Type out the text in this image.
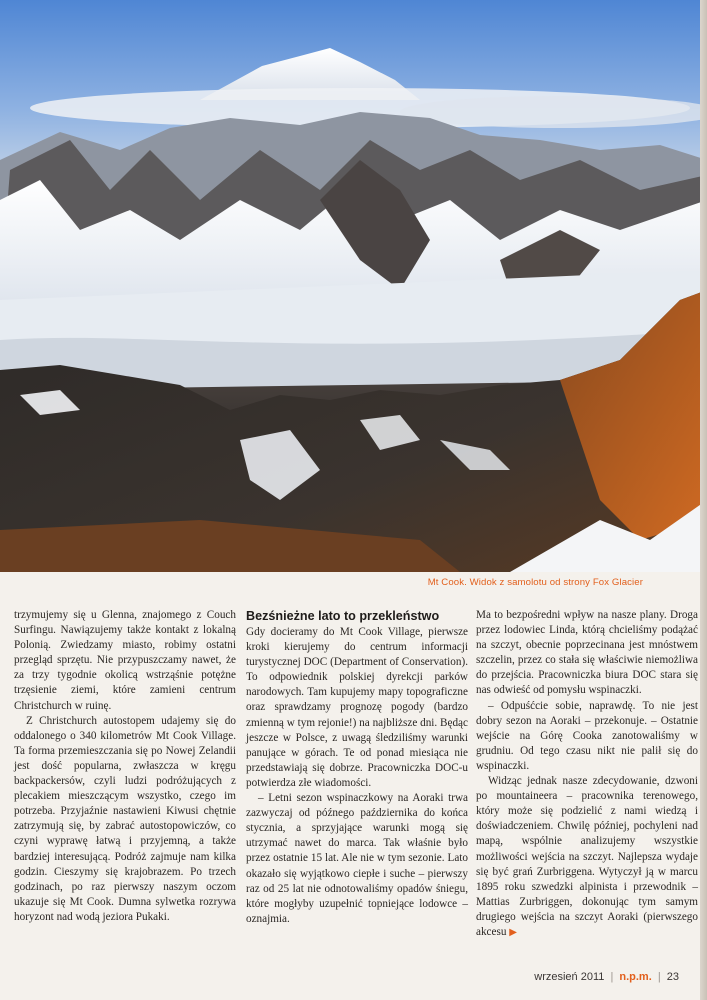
Mt Cook. Widok z samolotu od strony Fox Glacier

trzymujemy się u Glenna, znajomego z Couch Surfingu. Nawiązujemy także kontakt z lokalną Polonią. Zwiedzamy miasto, robimy ostatni przegląd sprzętu. Nie przypuszczamy nawet, że za trzy tygodnie okolicą wstrząśnie potężne trzęsienie ziemi, które zamieni centrum Christchurch w ruinę.

Z Christchurch autostopem udajemy się do oddalonego o 340 kilometrów Mt Cook Village. Ta forma przemieszczania się po Nowej Zelandii jest dość popularna, zwłaszcza w kręgu backpackersów, czyli ludzi podróżujących z plecakiem mieszczącym wszystko, czego im potrzeba. Przyjaźnie nastawieni Kiwusi chętnie zatrzymują się, by zabrać autostopowiczów, co czyni wyprawę łatwą i przyjemną, a także bardziej interesującą. Podróż zajmuje nam kilka godzin. Cieszymy się krajobrazem. Po trzech godzinach, po raz pierwszy naszym oczom ukazuje się Mt Cook. Dumna sylwetka rozrywa horyzont nad wodą jeziora Pukaki.

Bezśnieżne lato to przekleństwo

Gdy docieramy do Mt Cook Village, pierwsze kroki kierujemy do centrum informacji turystycznej DOC (Department of Conservation). To odpowiednik polskiej dyrekcji parków narodowych. Tam kupujemy mapy topograficzne oraz sprawdzamy prognozę pogody (bardzo zmienną w tym rejonie!) na najbliższe dni. Będąc jeszcze w Polsce, z uwagą śledziliśmy warunki panujące w górach. Te od ponad miesiąca nie przedstawiają się dobrze. Pracowniczka DOC-u potwierdza złe wiadomości.

– Letni sezon wspinaczkowy na Aoraki trwa zazwyczaj od późnego października do końca stycznia, a sprzyjające warunki mogą się utrzymać nawet do marca. Tak właśnie było przez ostatnie 15 lat. Ale nie w tym sezonie. Lato okazało się wyjątkowo ciepłe i suche – pierwszy raz od 25 lat nie odnotowaliśmy opadów śniegu, które mogłyby uzupełnić topniejące lodowce – oznajmia.

Ma to bezpośredni wpływ na nasze plany. Droga przez lodowiec Linda, którą chcieliśmy podążać na szczyt, obecnie poprzecinana jest mnóstwem szczelin, przez co stała się właściwie niemożliwa do przejścia. Pracowniczka biura DOC stara się nas odwieść od pomysłu wspinaczki.

– Odpuśćcie sobie, naprawdę. To nie jest dobry sezon na Aoraki – przekonuje. – Ostatnie wejście na Górę Cooka zanotowaliśmy w grudniu. Od tego czasu nikt nie palił się do wspinaczki.

Widząc jednak nasze zdecydowanie, dzwoni po mountaineera – pracownika terenowego, który może się podzielić z nami wiedzą i doświadczeniem. Chwilę później, pochyleni nad mapą, wspólnie analizujemy wszystkie możliwości wejścia na szczyt. Najlepsza wydaje się być grań Zurbriggena. Wytyczył ją w marcu 1895 roku szwedzki alpinista i przewodnik – Mattias Zurbriggen, dokonując tym samym drugiego wejścia na szczyt Aoraki (pierwszego akcesu ▶

wrzesień 2011 | n.p.m. | 23
